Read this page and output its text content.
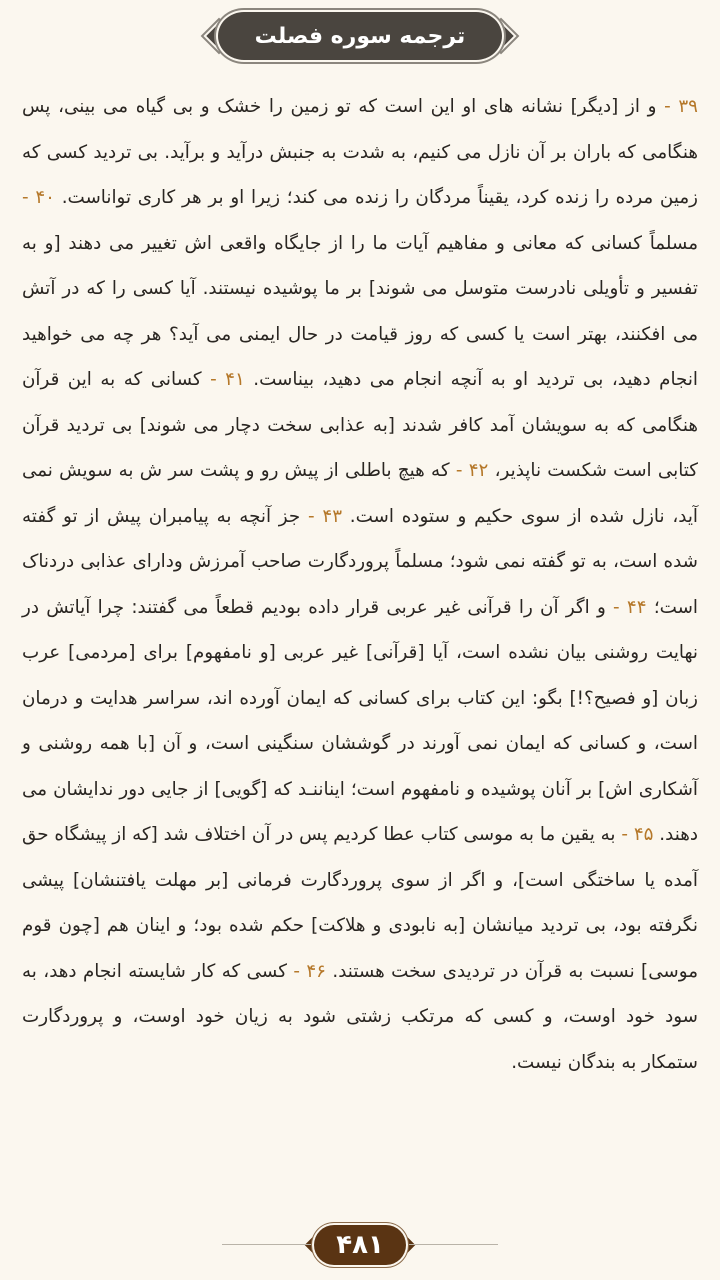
ترجمه سوره فصلت
۳۹ - و از [دیگر] نشانه های او این است که تو زمین را خشک و بی گیاه می بینی، پس هنگامی که باران بر آن نازل می کنیم، به شدت به جنبش درآید و برآید. بی تردید کسی که زمین مرده را زنده کرد، یقیناً مردگان را زنده می کند؛ زیرا او بر هر کاری تواناست. ۴۰ - مسلماً کسانی که معانی و مفاهیم آیات ما را از جایگاه واقعی اش تغییر می دهند [و به تفسیر و تأویلی نادرست متوسل می شوند] بر ما پوشیده نیستند. آیا کسی را که در آتش می افکنند، بهتر است یا کسی که روز قیامت در حال ایمنی می آید؟ هر چه می خواهید انجام دهید، بی تردید او به آنچه انجام می دهید، بیناست. ۴۱ - کسانی که به این قرآن هنگامی که به سویشان آمد کافر شدند [به عذابی سخت دچار می شوند] بی تردید قرآن کتابی است شکست ناپذیر، ۴۲ - که هیچ باطلی از پیش رو و پشت سر ش به سویش نمی آید، نازل شده از سوی حکیم و ستوده است. ۴۳ - جز آنچه به پیامبران پیش از تو گفته شده است، به تو گفته نمی شود؛ مسلماً پروردگارت صاحب آمرزش ودارای عذابی دردناک است؛ ۴۴ - و اگر آن را قرآنی غیر عربی قرار داده بودیم قطعاً می گفتند: چرا آیاتش در نهایت روشنی بیان نشده است، آیا [قرآنی] غیر عربی [و نامفهوم] برای [مردمی] عرب زبان [و فصیح؟!] بگو: این کتاب برای کسانی که ایمان آورده اند، سراسر هدایت و درمان است، و کسانی که ایمان نمی آورند در گوششان سنگینی است، و آن [با همه روشنی و آشکاری اش] بر آنان پوشیده و نامفهوم است؛ ایناننـد که [گویی] از جایی دور ندایشان می دهند. ۴۵ - به یقین ما به موسی کتاب عطا کردیم پس در آن اختلاف شد [که از پیشگاه حق آمده یا ساختگی است]، و اگر از سوی پروردگارت فرمانی [بر مهلت یافتنشان] پیشی نگرفته بود، بی تردید میانشان [به نابودی و هلاکت] حکم شده بود؛ و اینان هم [چون قوم موسی] نسبت به قرآن در تردیدی سخت هستند. ۴۶ - کسی که کار شایسته انجام دهد، به سود خود اوست، و کسی که مرتکب زشتی شود به زیان خود اوست، و پروردگارت ستمکار به بندگان نیست.
۴۸۱
